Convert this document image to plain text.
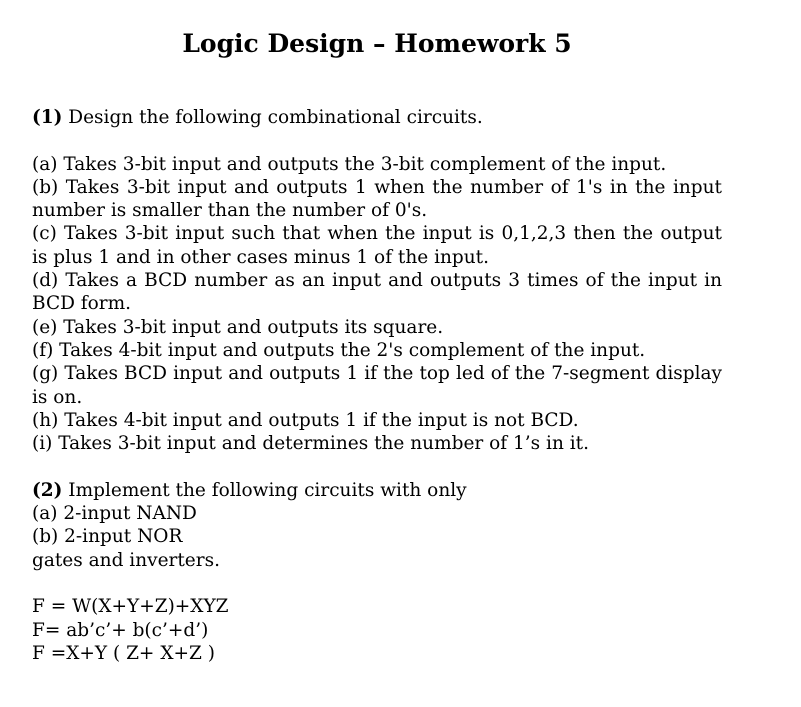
Logic Design – Homework 5
(1) Design the following combinational circuits.
(a) Takes 3-bit input and outputs the 3-bit complement of the input.
(b) Takes 3-bit input and outputs 1 when the number of 1's in the input number is smaller than the number of 0's.
(c) Takes 3-bit input such that when the input is 0,1,2,3 then the output is plus 1 and in other cases minus 1 of the input.
(d) Takes a BCD number as an input and outputs 3 times of the input in BCD form.
(e) Takes 3-bit input and outputs its square.
(f) Takes 4-bit input and outputs the 2's complement of the input.
(g) Takes BCD input and outputs 1 if the top led of the 7-segment display is on.
(h) Takes 4-bit input and outputs 1 if the input is not BCD.
(i) Takes 3-bit input and determines the number of 1’s in it.
(2) Implement the following circuits with only
(a) 2-input NAND
(b) 2-input NOR
gates and inverters.
F = W(X+Y+Z)+XYZ
F= ab’c’+ b(c’+d’)
F =X+Y ( Z+ X+Z )
